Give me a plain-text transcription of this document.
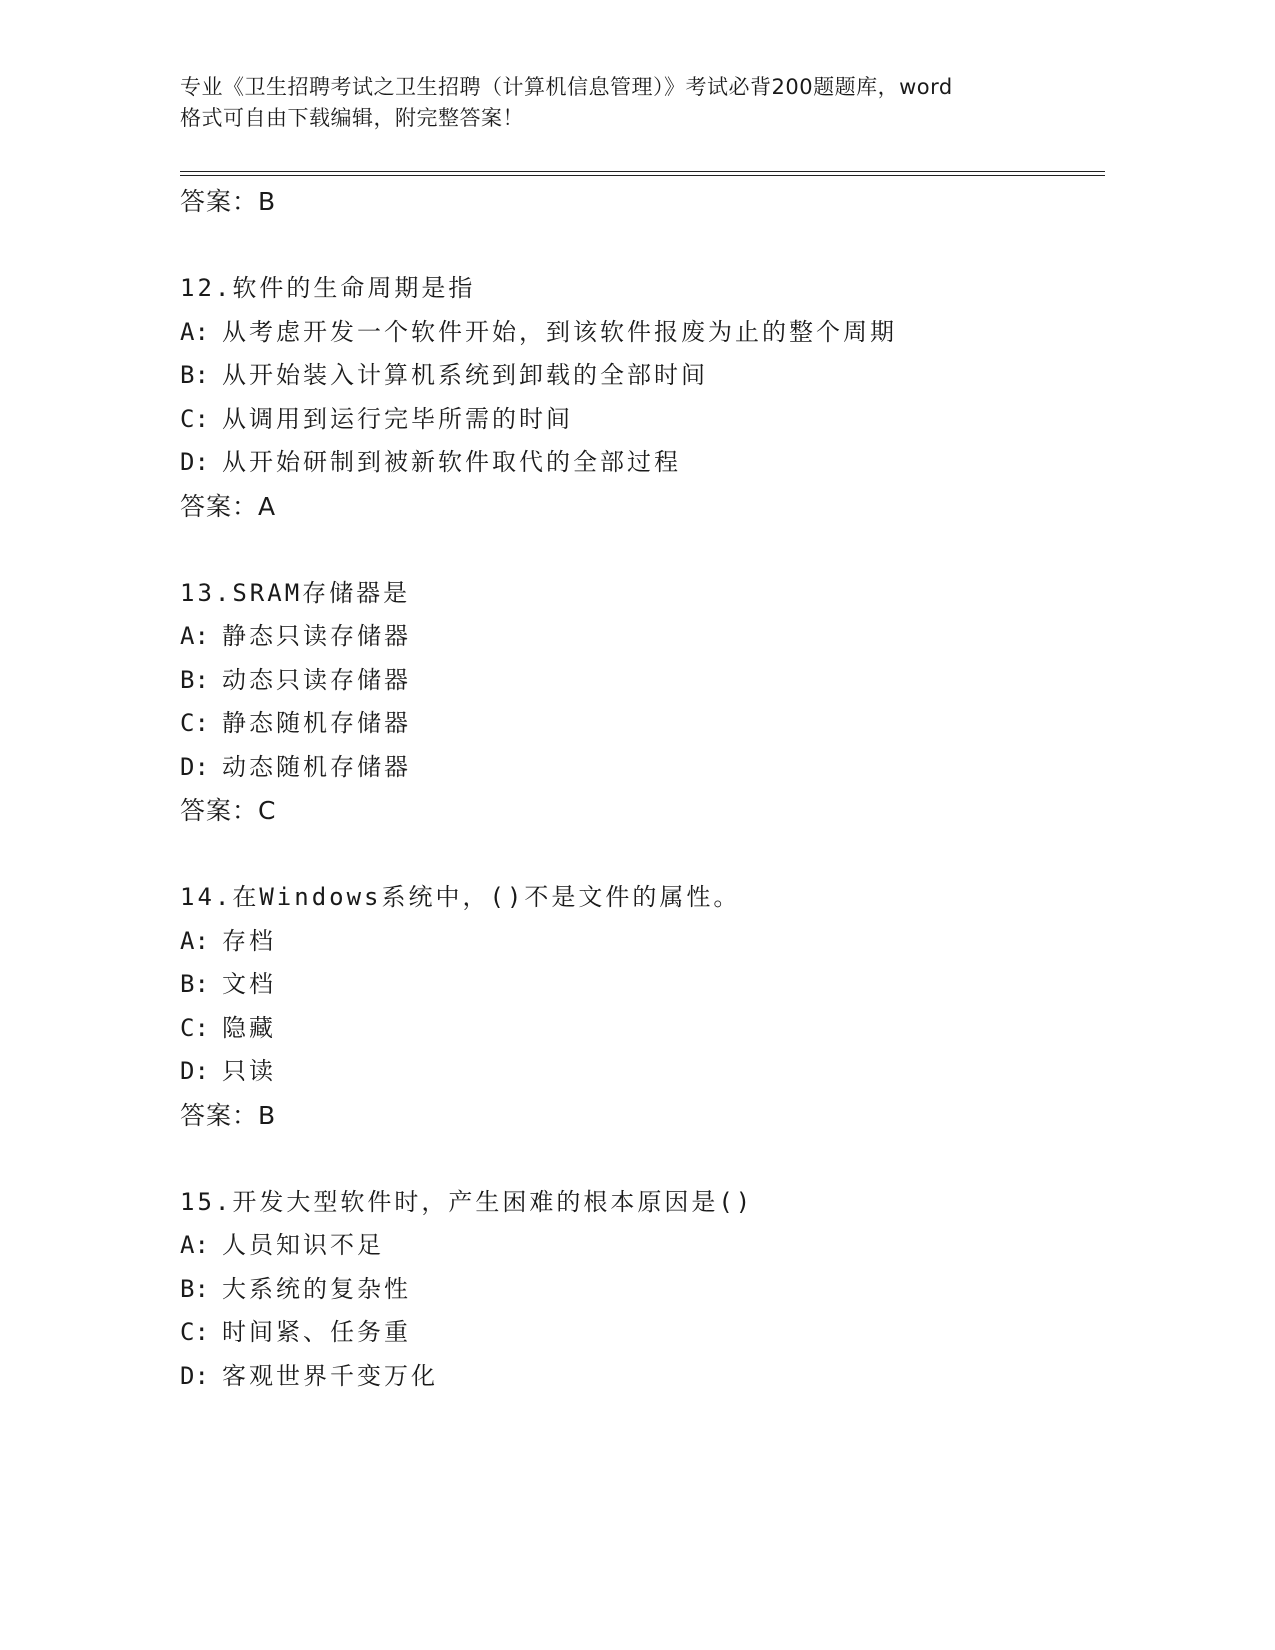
专业《卫生招聘考试之卫生招聘（计算机信息管理）》考试必背200题题库，word
格式可自由下载编辑，附完整答案！
答案：B
12.软件的生命周期是指
A: 从考虑开发一个软件开始，到该软件报废为止的整个周期
B: 从开始装入计算机系统到卸载的全部时间
C: 从调用到运行完毕所需的时间
D: 从开始研制到被新软件取代的全部过程
答案：A
13.SRAM存储器是
A: 静态只读存储器
B: 动态只读存储器
C: 静态随机存储器
D: 动态随机存储器
答案：C
14.在Windows系统中，()不是文件的属性。
A: 存档
B: 文档
C: 隐藏
D: 只读
答案：B
15.开发大型软件时，产生困难的根本原因是()
A: 人员知识不足
B: 大系统的复杂性
C: 时间紧、任务重
D: 客观世界千变万化
